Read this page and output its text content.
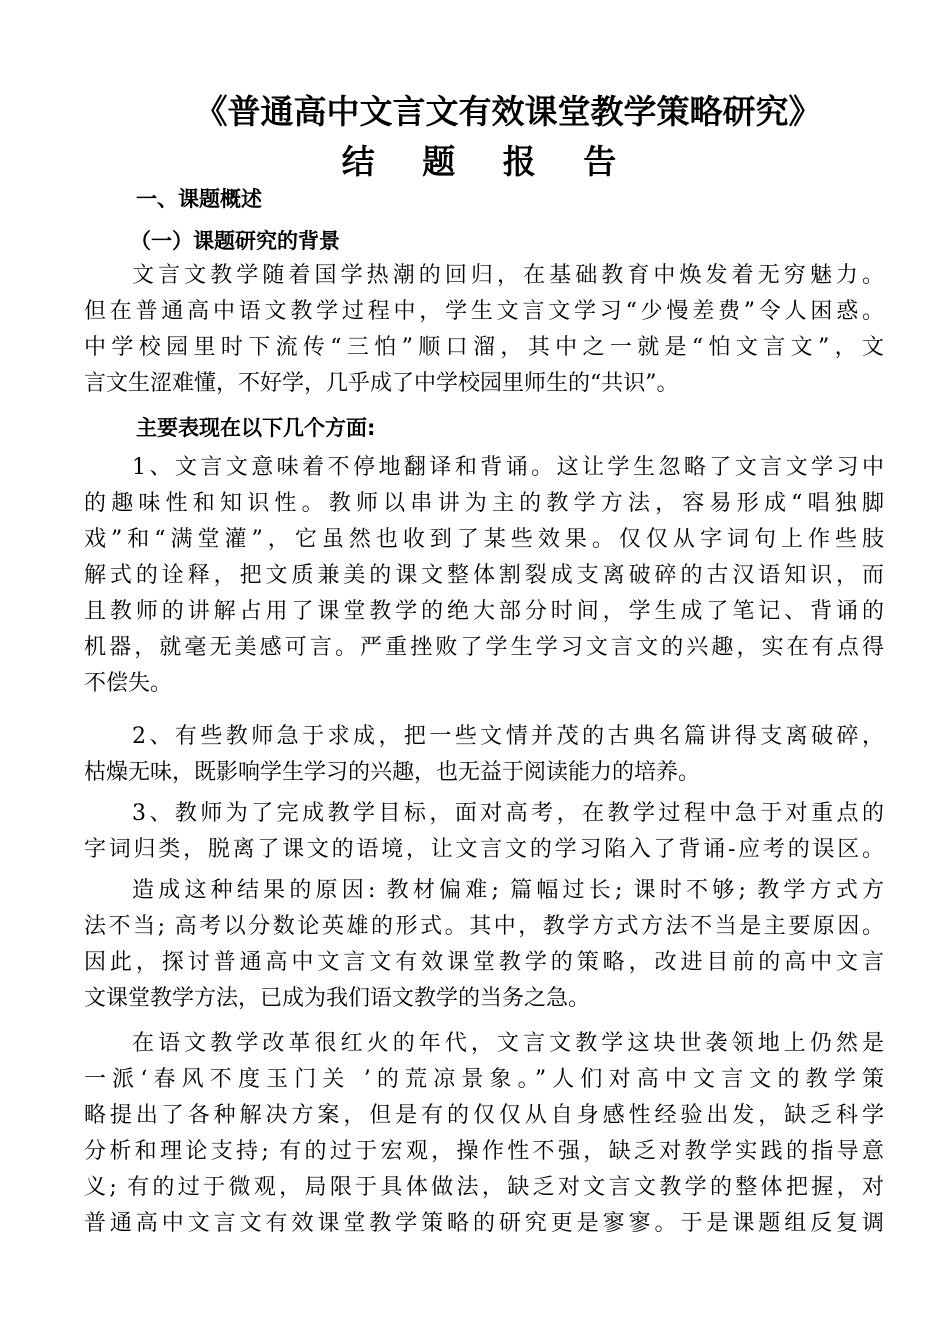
《普通高中文言文有效课堂教学策略研究》
结 题 报 告
一、课题概述
（一）课题研究的背景
文言文教学随着国学热潮的回归，在基础教育中焕发着无穷魅力。
但在普通高中语文教学过程中，学生文言文学习“少慢差费”令人困惑。
中学校园里时下流传“三怕”顺口溜，其中之一就是“怕文言文”，文
言文生涩难懂，不好学，几乎成了中学校园里师生的“共识”。
主要表现在以下几个方面:
1、文言文意味着不停地翻译和背诵。这让学生忽略了文言文学习中
的趣味性和知识性。教师以串讲为主的教学方法，容易形成“唱独脚
戏”和“满堂灌”，它虽然也收到了某些效果。仅仅从字词句上作些肢
解式的诠释，把文质兼美的课文整体割裂成支离破碎的古汉语知识，而
且教师的讲解占用了课堂教学的绝大部分时间，学生成了笔记、背诵的
机器，就毫无美感可言。严重挫败了学生学习文言文的兴趣，实在有点得
不偿失。
2、有些教师急于求成，把一些文情并茂的古典名篇讲得支离破碎，
枯燥无味，既影响学生学习的兴趣，也无益于阅读能力的培养。
3、教师为了完成教学目标，面对高考，在教学过程中急于对重点的
字词归类，脱离了课文的语境，让文言文的学习陷入了背诵-应考的误区。
造成这种结果的原因: 教材偏难; 篇幅过长; 课时不够; 教学方式方
法不当; 高考以分数论英雄的形式。其中，教学方式方法不当是主要原因。
因此，探讨普通高中文言文有效课堂教学的策略，改进目前的高中文言
文课堂教学方法，已成为我们语文教学的当务之急。
在语文教学改革很红火的年代，文言文教学这块世袭领地上仍然是
一派‘春风不度玉门关 ’的荒凉景象。”人们对高中文言文的教学策
略提出了各种解决方案，但是有的仅仅从自身感性经验出发，缺乏科学
分析和理论支持; 有的过于宏观，操作性不强，缺乏对教学实践的指导意
义; 有的过于微观，局限于具体做法，缺乏对文言文教学的整体把握，对
普通高中文言文有效课堂教学策略的研究更是寥寥。于是课题组反复调
